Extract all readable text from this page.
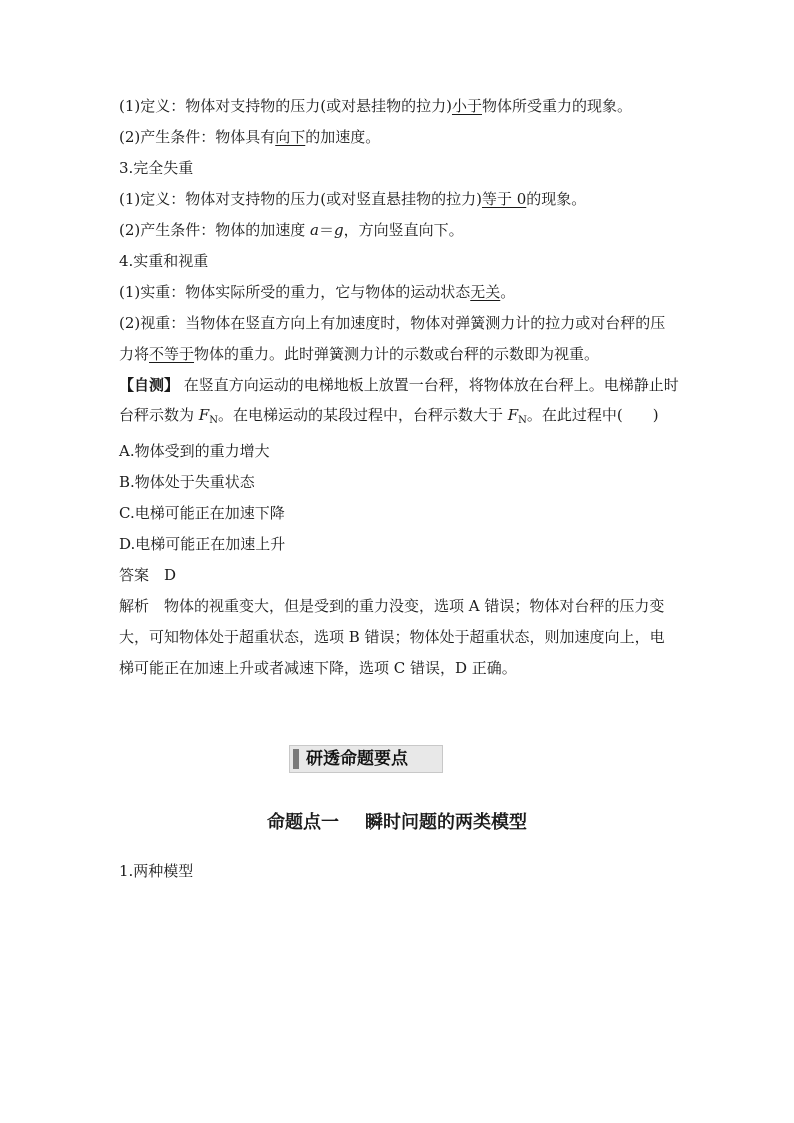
(1)定义：物体对支持物的压力(或对悬挂物的拉力)小于物体所受重力的现象。

(2)产生条件：物体具有向下的加速度。

3.完全失重

(1)定义：物体对支持物的压力(或对竖直悬挂物的拉力)等于 0的现象。

(2)产生条件：物体的加速度 a＝g，方向竖直向下。

4.实重和视重

(1)实重：物体实际所受的重力，它与物体的运动状态无关。

(2)视重：当物体在竖直方向上有加速度时，物体对弹簧测力计的拉力或对台秤的压力将不等于物体的重力。此时弹簧测力计的示数或台秤的示数即为视重。

【自测】 在竖直方向运动的电梯地板上放置一台秤，将物体放在台秤上。电梯静止时台秤示数为 $F_N$。在电梯运动的某段过程中，台秤示数大于 $F_N$。在此过程中(　　)

A.物体受到的重力增大

B.物体处于失重状态

C.电梯可能正在加速下降

D.电梯可能正在加速上升

答案　 D

解析　 物体的视重变大，但是受到的重力没变，选项 A 错误；物体对台秤的压力变大，可知物体处于超重状态，选项 B 错误；物体处于超重状态，则加速度向上，电梯可能正在加速上升或者减速下降，选项 C 错误，D 正确。

研透命题要点
命题点一 瞬时问题的两类模型
1.两种模型
